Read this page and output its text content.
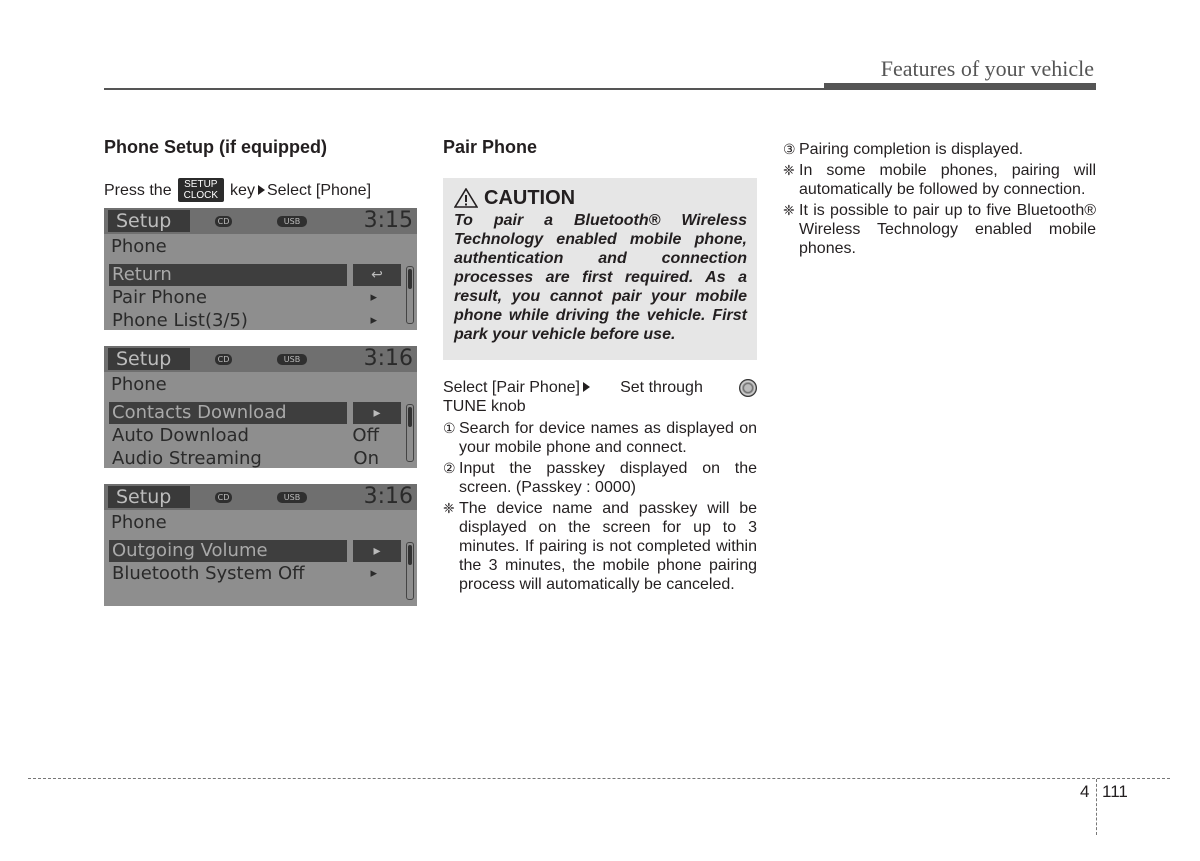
Features of your vehicle
Phone Setup (if equipped)
Press the	SETUP
CLOCK key Select [Phone]
Setup	CD	USB	3:15
Phone
Return	↩
Pair Phone	▸
Phone List(3/5)	▸
Setup	CD	USB	3:16
Phone
Contacts Download	▸
Auto Download	Off
Audio Streaming	On
Setup	CD	USB	3:16
Phone
Outgoing Volume	▸
Bluetooth System Off	▸
Pair Phone
CAUTION
To pair a Bluetooth® Wireless Technology enabled mobile phone, authentication and connection processes are first required. As a result, you cannot pair your mobile phone while driving the vehicle. First park your vehicle before use.
Select [Pair Phone]	Set through

TUNE knob

① Search for device names as displayed on your mobile phone and connect.
② Input the passkey displayed on the screen. (Passkey : 0000)
❈ The device name and passkey will be displayed on the screen for up to 3 minutes. If pairing is not completed within the 3 minutes, the mobile phone pairing process will automatically be canceled.
③ Pairing completion is displayed.
❈ In some mobile phones, pairing will automatically be followed by connection.
❈ It is possible to pair up to five Bluetooth® Wireless Technology enabled mobile phones.
4 111
